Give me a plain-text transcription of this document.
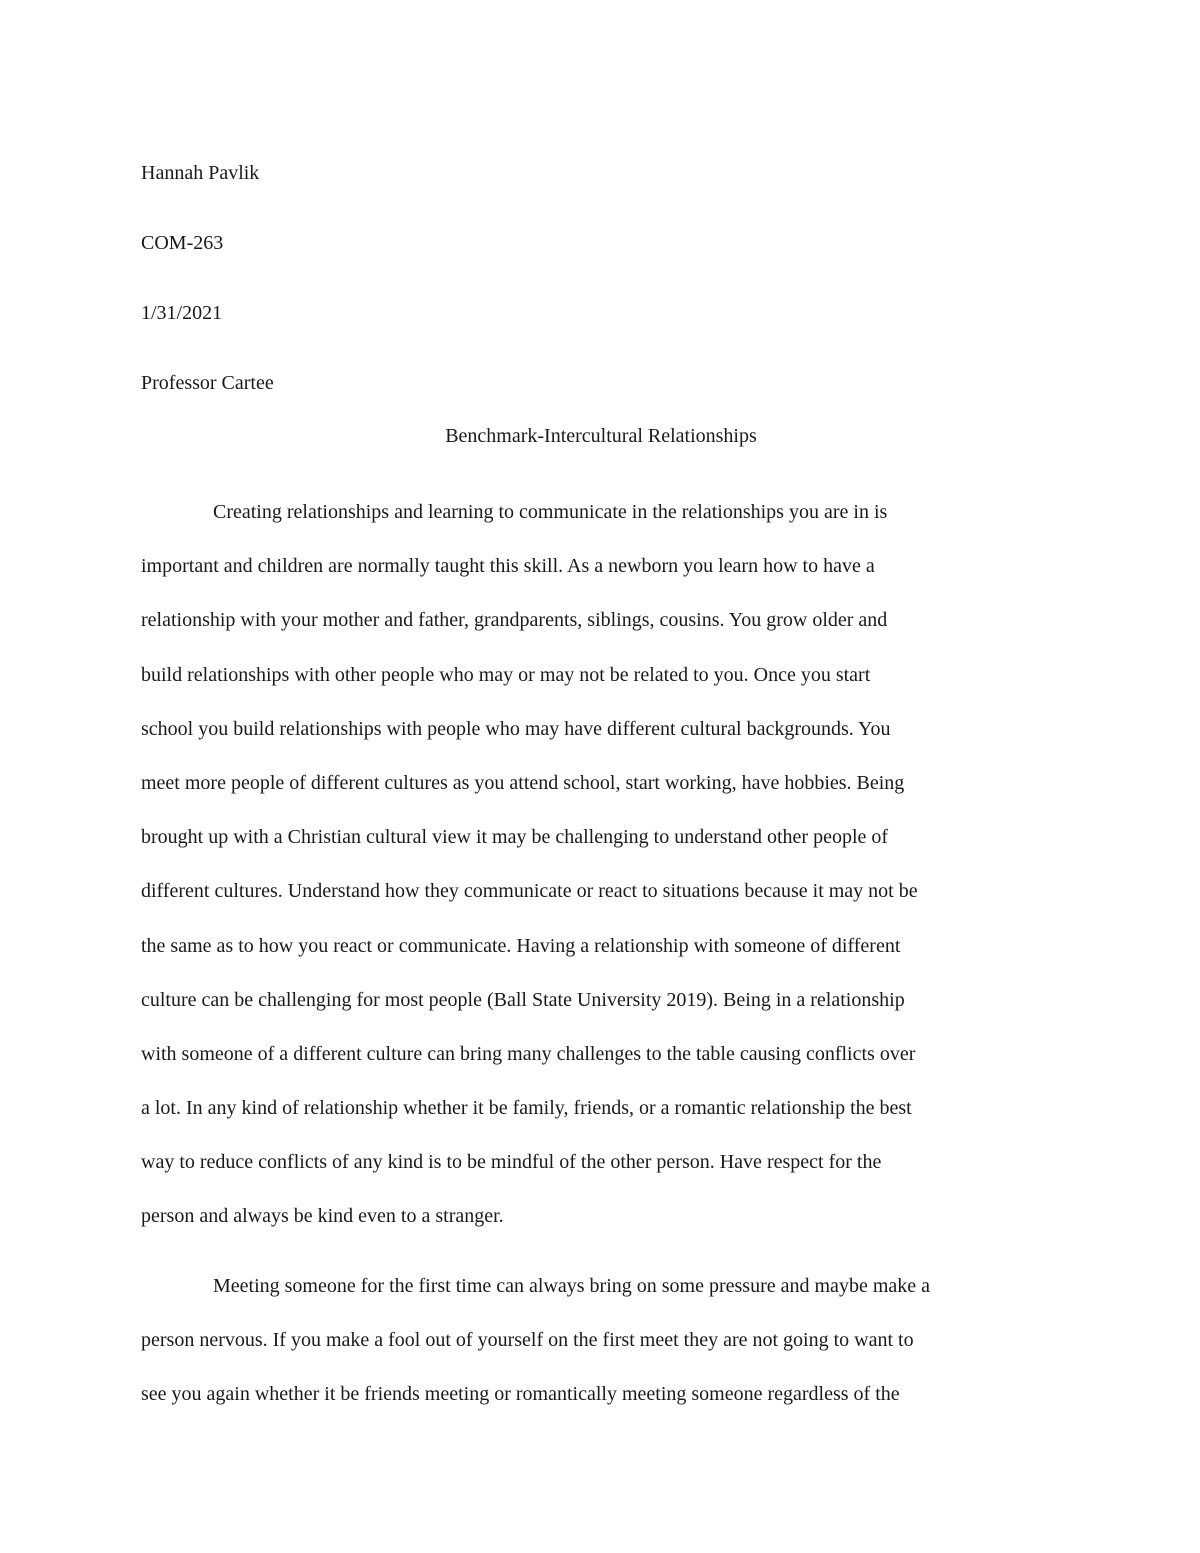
Hannah Pavlik
COM-263
1/31/2021
Professor Cartee
Benchmark-Intercultural Relationships
Creating relationships and learning to communicate in the relationships you are in is
important and children are normally taught this skill. As a newborn you learn how to have a
relationship with your mother and father, grandparents, siblings, cousins. You grow older and
build relationships with other people who may or may not be related to you. Once you start
school you build relationships with people who may have different cultural backgrounds. You
meet more people of different cultures as you attend school, start working, have hobbies. Being
brought up with a Christian cultural view it may be challenging to understand other people of
different cultures. Understand how they communicate or react to situations because it may not be
the same as to how you react or communicate. Having a relationship with someone of different
culture can be challenging for most people (Ball State University 2019). Being in a relationship
with someone of a different culture can bring many challenges to the table causing conflicts over
a lot. In any kind of relationship whether it be family, friends, or a romantic relationship the best
way to reduce conflicts of any kind is to be mindful of the other person. Have respect for the
person and always be kind even to a stranger.
Meeting someone for the first time can always bring on some pressure and maybe make a
person nervous. If you make a fool out of yourself on the first meet they are not going to want to
see you again whether it be friends meeting or romantically meeting someone regardless of the
